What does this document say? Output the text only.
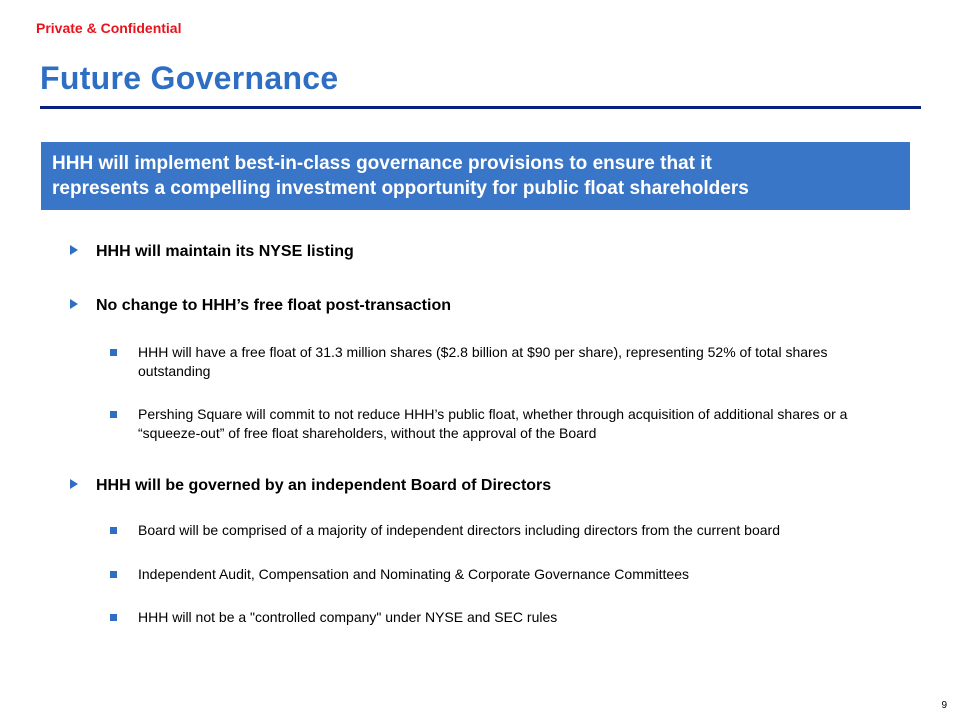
Private & Confidential
Future Governance
HHH will implement best-in-class governance provisions to ensure that it
represents a compelling investment opportunity for public float shareholders
HHH will maintain its NYSE listing
No change to HHH’s free float post-transaction
HHH will have a free float of 31.3 million shares ($2.8 billion at $90 per share), representing 52% of total shares outstanding
Pershing Square will commit to not reduce HHH’s public float, whether through acquisition of additional shares or a “squeeze-out” of free float shareholders, without the approval of the Board
HHH will be governed by an independent Board of Directors
Board will be comprised of a majority of independent directors including directors from the current board
Independent Audit, Compensation and Nominating & Corporate Governance Committees
HHH will not be a "controlled company" under NYSE and SEC rules
9
